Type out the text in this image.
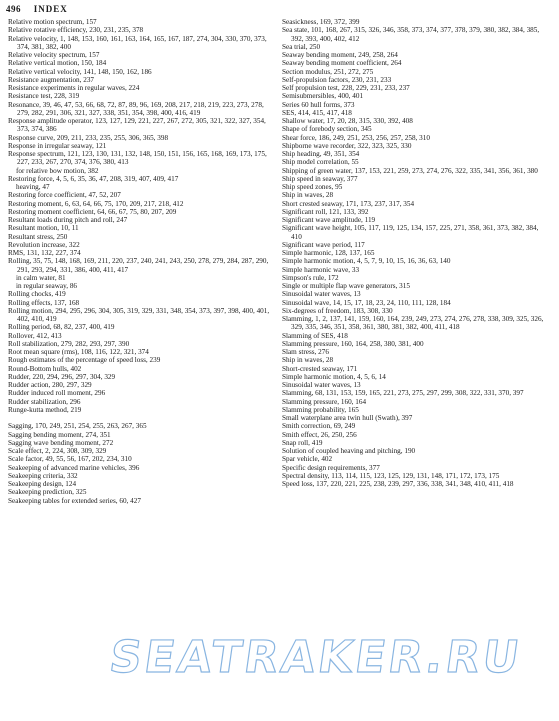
496 INDEX
Relative motion spectrum, 157
Relative rotative efficiency, 230, 231, 235, 378
Relative velocity, 1, 148, 153, 160, 161, 163, 164, 165, 167, 187, 274, 304, 330, 370, 373, 374, 381, 382, 400
Relative velocity spectrum, 157
Relative vertical motion, 150, 184
Relative vertical velocity, 141, 148, 150, 162, 186
Resistance augmentation, 237
Resistance experiments in regular waves, 224
Resistance test, 228, 319
Resonance, 39, 46, 47, 53, 66, 68, 72, 87, 89, 96, 169, 208, 217, 218, 219, 223, 273, 278, 279, 282, 291, 306, 321, 327, 338, 351, 354, 398, 400, 416, 419
Response amplitude operator, 123, 127, 129, 221, 227, 267, 272, 305, 321, 322, 327, 354, 373, 374, 386
Response curve, 209, 211, 233, 235, 255, 306, 365, 398
Response in irregular seaway, 121
Response spectrum, 121, 123, 130, 131, 132, 148, 150, 151, 156, 165, 168, 169, 173, 175, 227, 233, 267, 270, 374, 376, 380, 413
for relative bow motion, 382
Restoring force, 4, 5, 6, 35, 36, 47, 208, 319, 407, 409, 417
heaving, 47
Restoring force coefficient, 47, 52, 207
Restoring moment, 6, 63, 64, 66, 75, 170, 209, 217, 218, 412
Restoring moment coefficient, 64, 66, 67, 75, 80, 207, 209
Resultant loads during pitch and roll, 247
Resultant motion, 10, 11
Resultant stress, 250
Revolution increase, 322
RMS, 131, 132, 227, 374
Rolling, 35, 75, 148, 168, 169, 211, 220, 237, 240, 241, 243, 250, 278, 279, 284, 287, 290, 291, 293, 294, 331, 386, 400, 411, 417
in calm water, 81
in regular seaway, 86
Rolling chocks, 419
Rolling effects, 137, 168
Rolling motion, 294, 295, 296, 304, 305, 319, 329, 331, 348, 354, 373, 397, 398, 400, 401, 402, 410, 419
Rolling period, 68, 82, 237, 400, 419
Rollover, 412, 413
Roll stabilization, 279, 282, 293, 297, 390
Root mean square (rms), 108, 116, 122, 321, 374
Rough estimates of the percentage of speed loss, 239
Round-Bottom hulls, 402
Rudder, 220, 294, 296, 297, 304, 329
Rudder action, 280, 297, 329
Rudder induced roll moment, 296
Rudder stabilization, 296
Runge-kutta method, 219
Sagging, 170, 249, 251, 254, 255, 263, 267, 365
Sagging bending moment, 274, 351
Sagging wave bending moment, 272
Scale effect, 2, 224, 308, 309, 329
Scale factor, 49, 55, 56, 167, 202, 234, 310
Seakeeping of advanced marine vehicles, 396
Seakeeping criteria, 332
Seakeeping design, 124
Seakeeping prediction, 325
Seakeeping tables for extended series, 60, 427
Seasickness, 169, 372, 399
Sea state, 101, 168, 267, 315, 326, 346, 358, 373, 374, 377, 378, 379, 380, 382, 384, 385, 392, 393, 400, 402, 412
Sea trial, 250
Seaway bending moment, 249, 258, 264
Seaway bending moment coefficient, 264
Section modulus, 251, 272, 275
Self-propulsion factors, 230, 231, 233
Self propulsion test, 228, 229, 231, 233, 237
Semisubmersibles, 400, 401
Series 60 hull forms, 373
SES, 414, 415, 417, 418
Shallow water, 17, 20, 28, 315, 330, 392, 408
Shape of forebody section, 345
Shear force, 186, 249, 251, 253, 256, 257, 258, 310
Shipborne wave recorder, 322, 323, 325, 330
Ship heading, 49, 351, 354
Ship model correlation, 55
Shipping of green water, 137, 153, 221, 259, 273, 274, 276, 322, 335, 341, 356, 361, 380
Ship speed in seaway, 377
Ship speed zones, 95
Ship in waves, 28
Short crested seaway, 171, 173, 237, 317, 354
Significant roll, 121, 133, 392
Significant wave amplitude, 119
Significant wave height, 105, 117, 119, 125, 134, 157, 225, 271, 358, 361, 373, 382, 384, 410
Significant wave period, 117
Simple harmonic, 128, 137, 165
Simple harmonic motion, 4, 5, 7, 9, 10, 15, 16, 36, 63, 140
Simple harmonic wave, 33
Simpson's rule, 172
Single or multiple flap wave generators, 315
Sinusoidal water waves, 13
Sinusoidal wave, 14, 15, 17, 18, 23, 24, 110, 111, 128, 184
Six-degrees of freedom, 183, 308, 330
Slamming, 1, 2, 137, 141, 159, 160, 164, 239, 249, 273, 274, 276, 278, 338, 309, 325, 326, 329, 335, 346, 351, 358, 361, 380, 381, 382, 400, 411, 418
Slamming of SES, 418
Slamming pressure, 160, 164, 258, 380, 381, 400
Slam stress, 276
Ship in waves, 28
Short-crested seaway, 171
Simple harmonic motion, 4, 5, 6, 14
Sinusoidal water waves, 13
Slamming, 68, 131, 153, 159, 165, 221, 273, 275, 297, 299, 308, 322, 331, 370, 397
Slamming pressure, 160, 164
Slamming probability, 165
Small waterplane area twin hull (Swath), 397
Smith correction, 69, 249
Smith effect, 26, 250, 256
Snap roll, 419
Solution of coupled heaving and pitching, 190
Spar vehicle, 402
Specific design requirements, 377
Spectral density, 113, 114, 115, 123, 125, 129, 131, 148, 171, 172, 173, 175
Speed loss, 137, 220, 221, 225, 238, 239, 297, 336, 338, 341, 348, 410, 411, 418
SEATRAKER.RU
